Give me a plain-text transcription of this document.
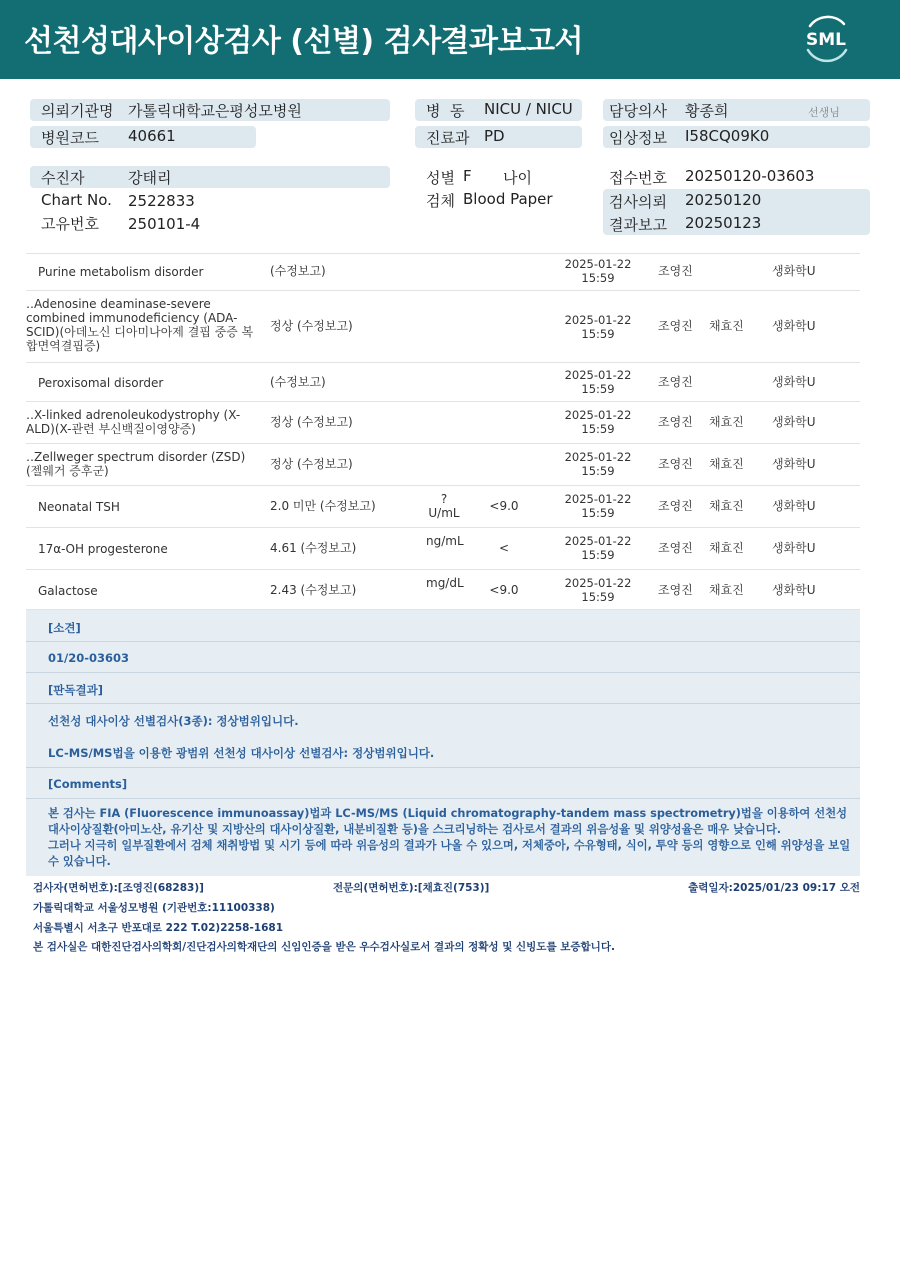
선천성대사이상검사 (선별) 검사결과보고서	SML
의뢰기관명 가톨릭대학교은평성모병원
병원코드 40661
병  동 NICU / NICU
진료과 PD
담당의사 황종희	선생님
임상정보 I58CQ09K0
수진자	강태리
Chart No. 2522833
고유번호 250101-4
성별 F 나이
검체 Blood Paper
접수번호 20250120-03603
검사의뢰 20250120
결과보고 20250123
Purine metabolism disorder	(수정보고)	2025-01-22
15:59	조영진	생화학U
‥Adenosine deaminase-severe combined immunodeficiency (ADA-SCID)(아데노신 디아미나아제 결핍 중증 복합면역결핍증)
정상 (수정보고)	2025-01-22
15:59
조영진 채효진 생화학U
Peroxisomal disorder	(수정보고)	2025-01-22
15:59	조영진	생화학U
‥X-linked adrenoleukodystrophy (X-ALD)(X-관련 부신백질이영양증)	정상 (수정보고)	2025-01-22
15:59	조영진 채효진 생화학U
‥Zellweger spectrum disorder (ZSD)(젤웨거 증후군)	정상 (수정보고)	2025-01-22
15:59	조영진 채효진 생화학U
Neonatal TSH	2.0 미만 (수정보고)	?U/mL	<9.0	2025-01-22
15:59	조영진 채효진 생화학U
17α-OH progesterone	4.61 (수정보고)	ng/mL	<	2025-01-22
15:59	조영진 채효진 생화학U
Galactose	2.43 (수정보고)	mg/dL	<9.0	2025-01-22
15:59	조영진 채효진 생화학U
[소견]
01/20-03603
[판독결과]
선천성 대사이상 선별검사(3종): 정상범위입니다.
LC-MS/MS법을 이용한 광범위 선천성 대사이상 선별검사: 정상범위입니다.
[Comments]
본 검사는 FIA (Fluorescence immunoassay)법과 LC-MS/MS (Liquid chromatography-tandem mass spectrometry)법을 이용하여 선천성 대사이상질환(아미노산, 유기산 및 지방산의 대사이상질환, 내분비질환 등)을 스크리닝하는 검사로서 결과의 위음성율 및 위양성율은 매우 낮습니다.
그러나 지극히 일부질환에서 검체 채취방법 및 시기 등에 따라 위음성의 결과가 나올 수 있으며, 저체중아, 수유형태, 식이, 투약 등의 영향으로 인해 위양성을 보일 수 있습니다.
검사자(면허번호):[조영진(68283)]	전문의(면허번호):[채효진(753)]	출력일자:2025/01/23 09:17 오전
가톨릭대학교 서울성모병원 (기관번호:11100338)
서울특별시 서초구 반포대로 222 T.02)2258-1681
본 검사실은 대한진단검사의학회/진단검사의학재단의 신임인증을 받은 우수검사실로서 결과의 정확성 및 신빙도를 보증합니다.
